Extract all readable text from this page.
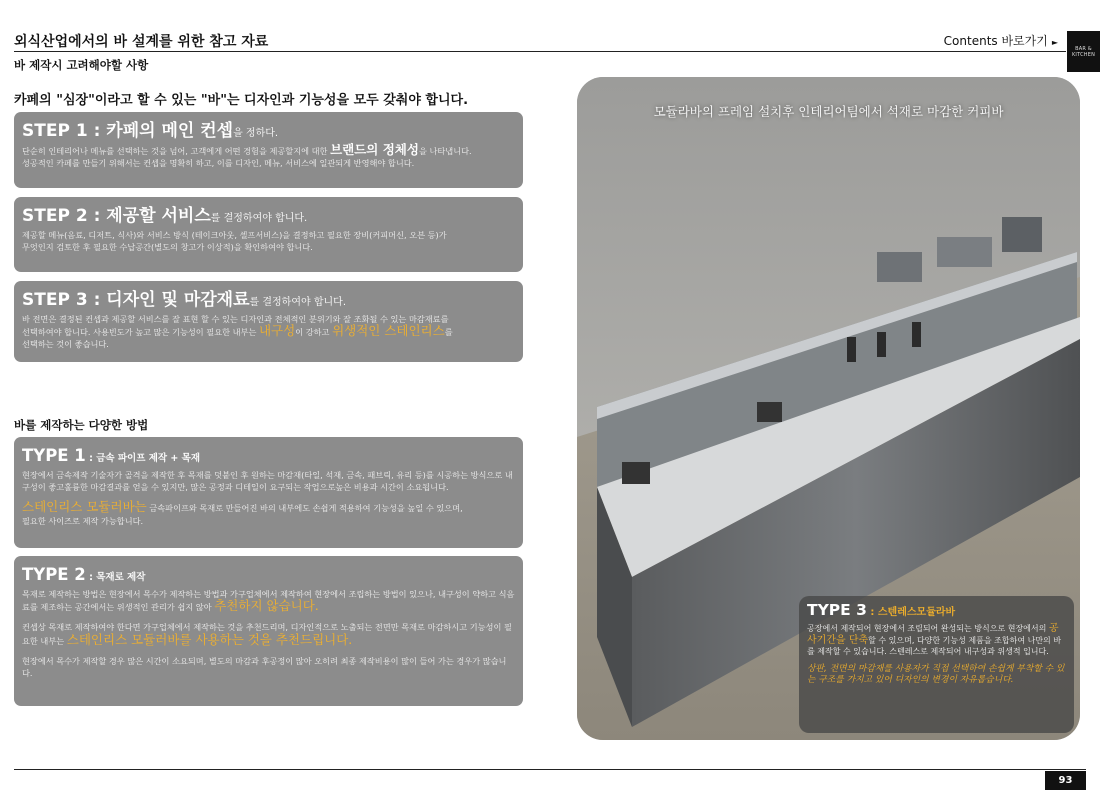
외식산업에서의 바 설계를 위한 참고 자료
바 제작시 고려해야할 사항
Contents 바로가기 ►
BAR & KITCHEN
카페의 "심장"이라고 할 수 있는 "바"는 디자인과 기능성을 모두 갖춰야 합니다.
STEP 1 : 카페의 메인 컨셉을 정하다.
단순히 인테리어나 메뉴를 선택하는 것을 넘어, 고객에게 어떤 경험을 제공할지에 대한 브랜드의 정체성을 나타냅니다.
성공적인 카페를 만들기 위해서는 컨셉을 명확히 하고, 이를 디자인, 메뉴, 서비스에 일관되게 반영해야 합니다.
STEP 2 : 제공할 서비스를 결정하여야 합니다.
제공할 메뉴(음료, 디저트, 식사)와 서비스 방식 (테이크아웃, 셀프서비스)을 결정하고 필요한 장비(커피머신, 오븐 등)가
무엇인지 검토한 후 필요한 수납공간(별도의 창고가 이상적)을 확인하여야 합니다.
STEP 3 : 디자인 및 마감재료를 결정하여야 합니다.
바 전면은 결정된 컨셉과 제공할 서비스를 잘 표현 할 수 있는 디자인과 전체적인 분위기와 잘 조화될 수 있는 마감재료를
선택하여야 합니다. 사용빈도가 높고 많은 기능성이 필요한 내부는 내구성이 강하고 위생적인 스테인리스를
선택하는 것이 좋습니다.
바를 제작하는 다양한 방법
TYPE 1 : 금속 파이프 제작 + 목재
현장에서 금속제작 기술자가 골격을 제작한 후 목재를 덧붙인 후 원하는 마감재(타일, 석재, 금속, 패브릭, 유리 등)를 시공하는 방식으로 내구성이 좋고훌륭한 마감결과를 얻을 수 있지만, 많은 공정과 디테일이 요구되는 작업으로높은 비용과 시간이 소요됩니다.
스테인리스 모듈러바는 금속파이프와 목재로 만들어진 바의 내부에도 손쉽게 적용하여 기능성을 높일 수 있으며,
필요한 사이즈로 제작 가능합니다.
TYPE 2 : 목재로 제작
목재로 제작하는 방법은 현장에서 목수가 제작하는 방법과 가구업체에서 제작하여 현장에서 조립하는 방법이 있으나, 내구성이 약하고 식음료를 제조하는 공간에서는 위생적인 관리가 쉽지 않아 추천하지 않습니다.
컨셉상 목재로 제작하여야 한다면 가구업체에서 제작하는 것을 추천드리며, 디자인적으로 노출되는 전면만 목재로 마감하시고 기능성이 필요한 내부는 스테인리스 모듈러바를 사용하는 것을 추천드립니다.
현장에서 목수가 제작할 경우 많은 시간이 소요되며, 별도의 마감과 후공정이 많아 오히려 최종 제작비용이 많이 들어 가는 경우가 많습니다.
모듈라바의 프레임 설치후 인테리어팀에서 석재로 마감한 커피바
TYPE 3 : 스텐레스모듈라바
공장에서 제작되어 현장에서 조립되어 완성되는 방식으로 현장에서의 공사기간을 단축할 수 있으며, 다양한 기능성 제품을 조합하여 나만의 바를 제작할 수 있습니다. 스텐레스로 제작되어 내구성과 위생적 입니다.
상판, 전면의 마감재를 사용자가 직접 선택하여 손쉽게 부착할 수 있는 구조를 가지고 있어 디자인의 변경이 자유롭습니다.
93
